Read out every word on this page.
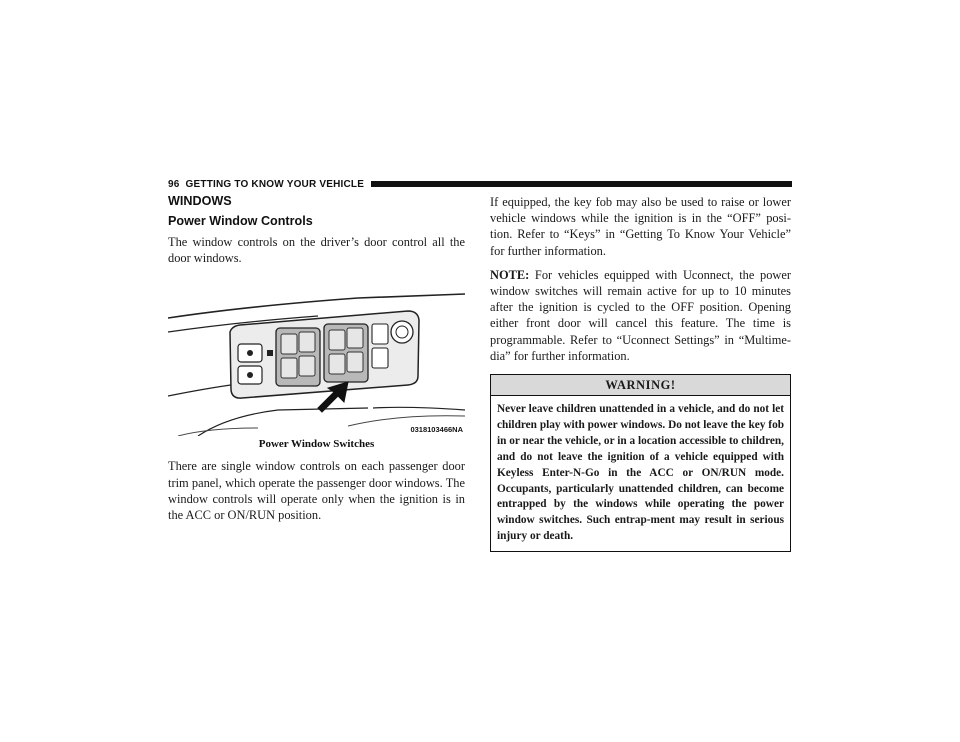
96 GETTING TO KNOW YOUR VEHICLE
WINDOWS
Power Window Controls

The window controls on the driver’s door control all the door windows.

0318103466NA
Power Window Switches

There are single window controls on each passenger door trim panel, which operate the passenger door windows. The window controls will operate only when the ignition is in the ACC or ON/RUN position.

If equipped, the key fob may also be used to raise or lower vehicle windows while the ignition is in the “OFF” posi-tion. Refer to “Keys” in “Getting To Know Your Vehicle” for further information.

NOTE: For vehicles equipped with Uconnect, the power window switches will remain active for up to 10 minutes after the ignition is cycled to the OFF position. Opening either front door will cancel this feature. The time is programmable. Refer to “Uconnect Settings” in “Multime-dia” for further information.

WARNING!
Never leave children unattended in a vehicle, and do not let children play with power windows. Do not leave the key fob in or near the vehicle, or in a location accessible to children, and do not leave the ignition of a vehicle equipped with Keyless Enter-N-Go in the ACC or ON/RUN mode. Occupants, particularly unattended children, can become entrapped by the windows while operating the power window switches. Such entrap-ment may result in serious injury or death.
